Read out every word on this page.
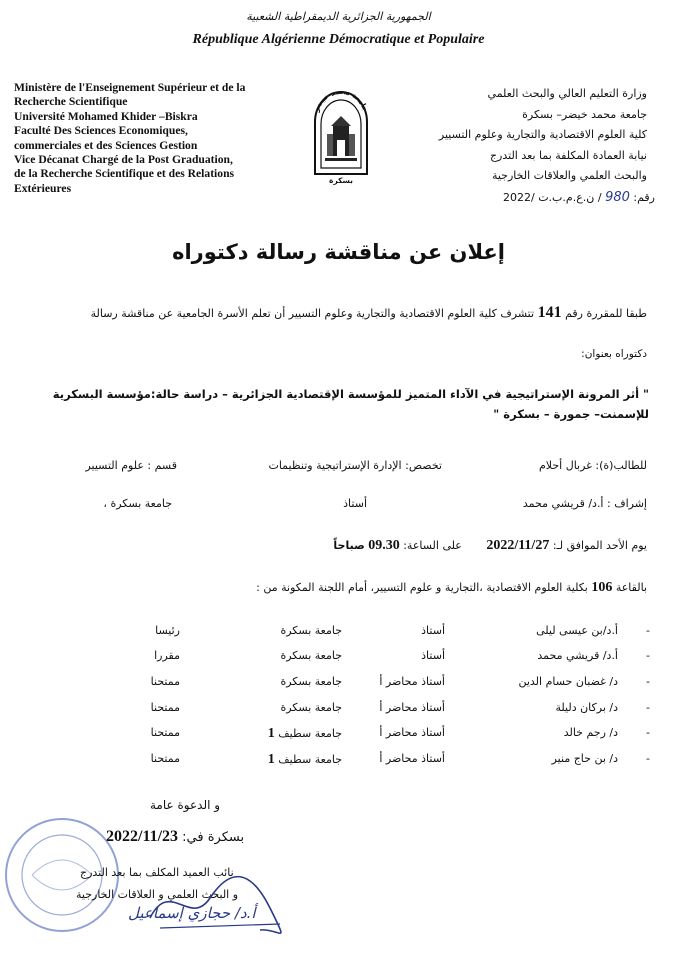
الجمهورية الجزائرية الديمقراطية الشعبية
République Algérienne Démocratique et Populaire
Ministère de l'Enseignement Supérieur et de la
Recherche Scientifique
Université Mohamed Khider –Biskra
Faculté Des Sciences Economiques,
commerciales et des Sciences Gestion
Vice Décanat Chargé de la Post Graduation,
de la Recherche Scientifique et des Relations
Extérieures
جامعة محمد خيضر
بسكرة
وزارة التعليم العالي والبحث العلمي
جامعة محمد خيضر– بسكرة
كلية العلوم الاقتصادية والتجارية وعلوم التسيير
نيابة العمادة المكلفة بما بعد التدرج
والبحث العلمي والعلاقات الخارجية
رقم: 980 / ن.ع.م.ب.ت /2022
إعلان عن مناقشة رسالة دكتوراه
طبقا للمقررة رقم 141 تتشرف كلية العلوم الاقتصادية والتجارية وعلوم التسيير أن تعلم الأسرة الجامعية عن مناقشة رسالة
دكتوراه بعنوان:
" أثر المرونة الإستراتيجية في الآداء المتميز للمؤسسة الإقتصادية الجزائرية – دراسة حالة:مؤسسة البسكرية للإسمنت– جمورة – بسكرة "
للطالب(ة): غربال أحلام
تخصص: الإدارة الإستراتيجية وتنظيمات
قسم : علوم التسيير
إشراف : أ.د/ قريشي محمد
أستاذ
جامعة بسكرة ،
يوم الأحد الموافق لـ: 2022/11/27       على الساعة: 09.30 صباحاً
بالقاعة 106 بكلية العلوم الاقتصادية ،التجارية و علوم التسيير، أمام اللجنة المكونة من :
-
أ.د/بن عيسى ليلى
أستاذ
جامعة بسكرة
رئيسا
-
أ.د/ قريشي محمد
أستاذ
جامعة بسكرة
مقررا
-
د/ غضبان حسام الدين
أستاذ محاضر أ
جامعة بسكرة
ممتحنا
-
د/ بركان دليلة
أستاذ محاضر أ
جامعة بسكرة
ممتحنا
-
د/ رجم خالد
أستاذ محاضر أ
جامعة سطيف 1
ممتحنا
-
د/ بن حاج منير
أستاذ محاضر أ
جامعة سطيف 1
ممتحنا
و الدعوة عامة
بسكرة في: 2022/11/23
نائب العميد المكلف بما بعد التدرج
و البحث العلمي و العلاقات الخارجية
أ.د/ حجازي إسماعيل
